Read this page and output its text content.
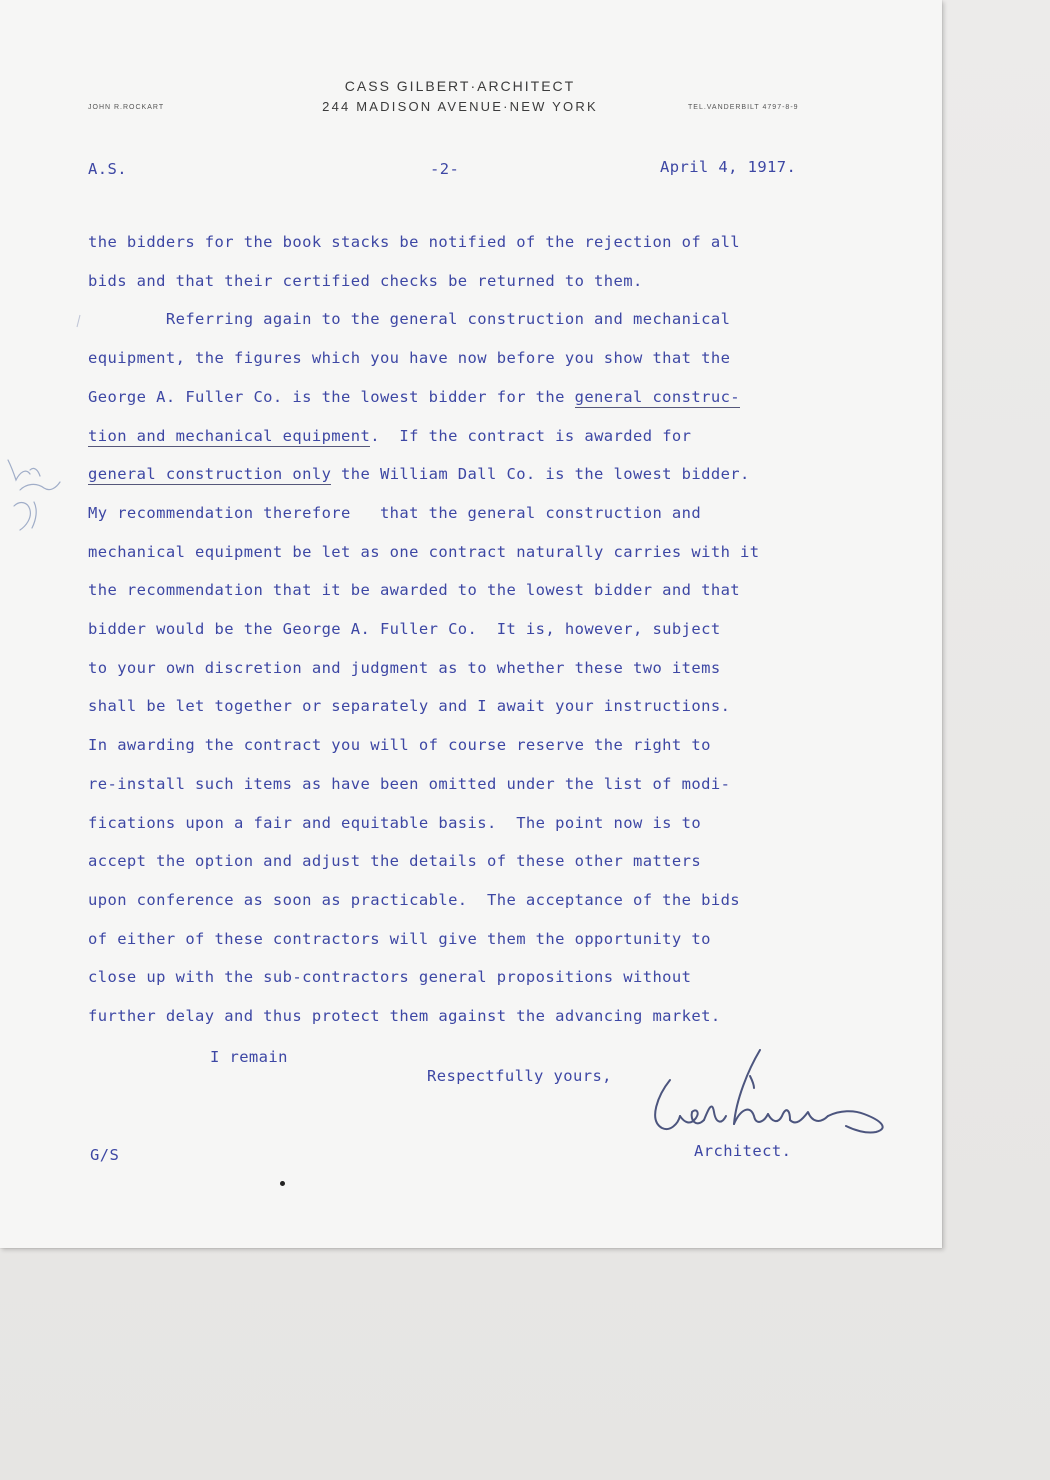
CASS GILBERT·ARCHITECT
244 MADISON AVENUE·NEW YORK
JOHN R.ROCKART	TEL.VANDERBILT 4797-8-9
A.S.	-2-	April 4, 1917.
the bidders for the book stacks be notified of the rejection of all
bids and that their certified checks be returned to them.
Referring again to the general construction and mechanical
equipment, the figures which you have now before you show that the
George A. Fuller Co. is the lowest bidder for the general construc-
tion and mechanical equipment.  If the contract is awarded for
general construction only the William Dall Co. is the lowest bidder.
My recommendation therefore   that the general construction and
mechanical equipment be let as one contract naturally carries with it
the recommendation that it be awarded to the lowest bidder and that
bidder would be the George A. Fuller Co.  It is, however, subject
to your own discretion and judgment as to whether these two items
shall be let together or separately and I await your instructions.
In awarding the contract you will of course reserve the right to
re-install such items as have been omitted under the list of modi-
fications upon a fair and equitable basis.  The point now is to
accept the option and adjust the details of these other matters
upon conference as soon as practicable.  The acceptance of the bids
of either of these contractors will give them the opportunity to
close up with the sub-contractors general propositions without
further delay and thus protect them against the advancing market.
I remain
Respectfully yours,
Architect.
G/S
